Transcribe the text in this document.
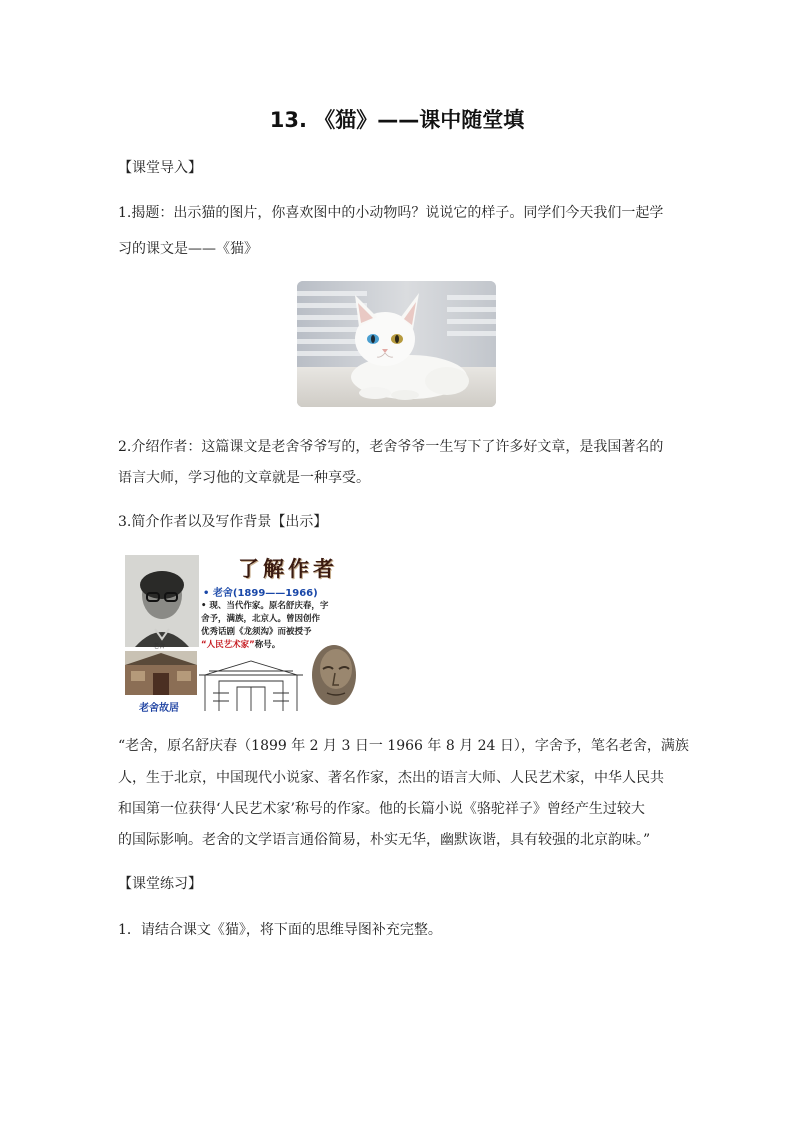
13. 《猫》——课中随堂填
【课堂导入】
1.揭题：出示猫的图片，你喜欢图中的小动物吗？说说它的样子。同学们今天我们一起学
习的课文是——《猫》
2.介绍作者：这篇课文是老舍爷爷写的，老舍爷爷一生写下了许多好文章，是我国著名的
语言大师，学习他的文章就是一种享受。
3.简介作者以及写作背景【出示】
老舍
了解作者
• 老舍(1899——1966)
• 现、当代作家。原名舒庆春，字
舍予，满族，北京人。曾因创作
优秀话剧《龙须沟》而被授予
“人民艺术家”称号。
老舍故居
“老舍，原名舒庆春（1899 年 2 月 3 日一 1966 年 8 月 24 日），字舍予，笔名老舍，满族
人，生于北京，中国现代小说家、著名作家，杰出的语言大师、人民艺术家，中华人民共
和国第一位获得‘人民艺术家’称号的作家。他的长篇小说《骆驼祥子》曾经产生过较大
的国际影响。老舍的文学语言通俗简易，朴实无华，幽默诙谐，具有较强的北京韵味。”
【课堂练习】
1．请结合课文《猫》，将下面的思维导图补充完整。
